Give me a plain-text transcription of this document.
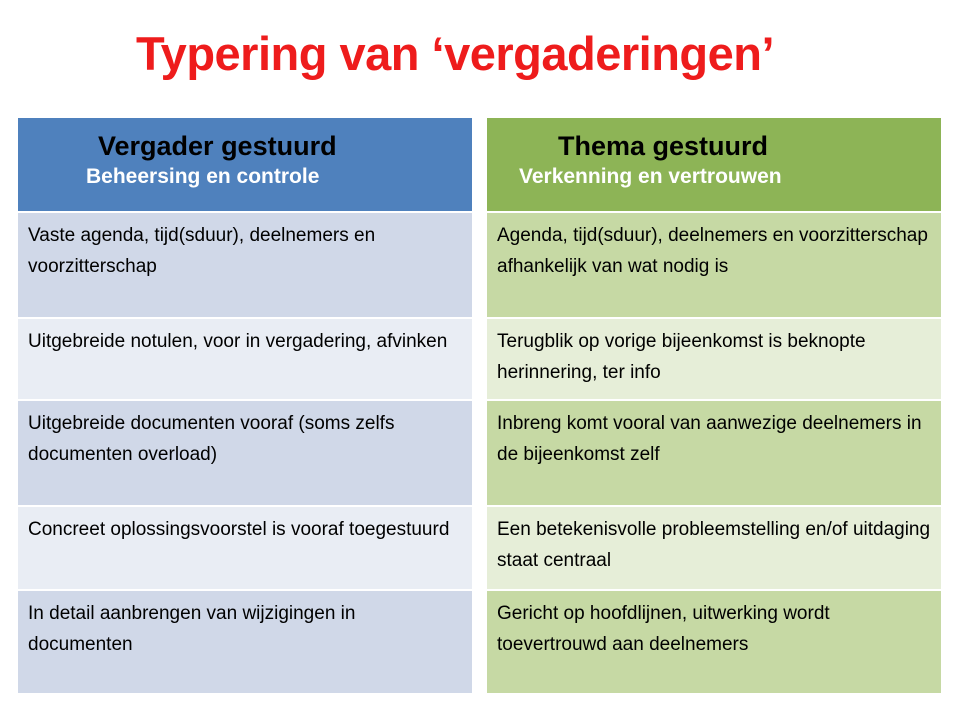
Typering van ‘vergaderingen’
Vergader gestuurd
Beheersing en controle
Vaste agenda, tijd(sduur), deelnemers en voorzitterschap
Uitgebreide notulen, voor in vergadering, afvinken
Uitgebreide documenten vooraf (soms zelfs documenten overload)
Concreet oplossingsvoorstel is vooraf toegestuurd
In detail aanbrengen van wijzigingen in documenten
Thema gestuurd
Verkenning en vertrouwen
Agenda, tijd(sduur), deelnemers en voorzitterschap afhankelijk van wat nodig is
Terugblik op vorige bijeenkomst is beknopte herinnering, ter info
Inbreng komt vooral van aanwezige deelnemers in de bijeenkomst zelf
Een betekenisvolle probleemstelling en/of uitdaging staat centraal
Gericht op hoofdlijnen, uitwerking wordt toevertrouwd aan deelnemers
